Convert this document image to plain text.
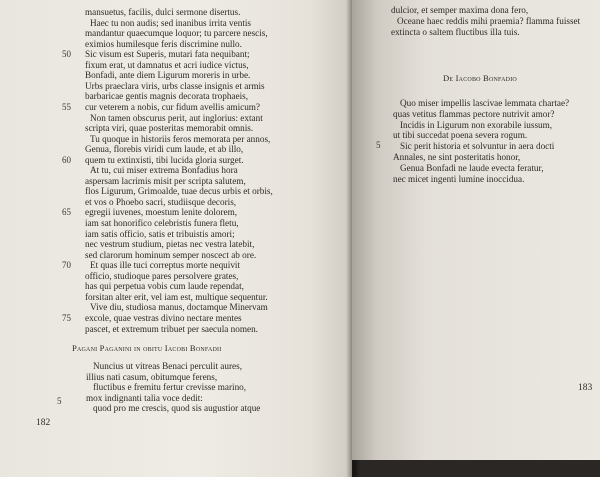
mansuetus, facilis, dulci sermone disertus.
Haec tu non audis; sed inanibus irrita ventis
mandantur quaecumque loquor; tu parcere nescis,
eximios humilesque feris discrimine nullo.
Sic visum est Superis, mutari fata nequibant;
fixum erat, ut damnatus et acri iudice victus,
Bonfadi, ante diem Ligurum moreris in urbe.
Urbs praeclara viris, urbs classe insignis et armis
barbaricae gentis magnis decorata trophaeis,
cur veterem a nobis, cur fidum avellis amicum?
Non tamen obscurus perit, aut inglorius: extant
scripta viri, quae posteritas memorabit omnis.
Tu quoque in historiis feros memorata per annos,
Genua, florebis viridi cum laude, et ab illo,
quem tu extinxisti, tibi lucida gloria surget.
At tu, cui miser extrema Bonfadius hora
aspersam lacrimis misit per scripta salutem,
flos Ligurum, Grimoalde, tuae decus urbis et orbis,
et vos o Phoebo sacri, studiisque decoris,
egregii iuvenes, moestum lenite dolorem,
iam sat honorifico celebristis funera fletu,
iam satis officio, satis et tribuistis amori;
nec vestrum studium, pietas nec vestra latebit,
sed clarorum hominum semper noscect ab ore.
Et quas ille tuci correptus morte nequivit
officio, studioque pares persolvere grates,
has qui perpetua vobis cum laude rependat,
forsitan alter erit, vel iam est, multique sequentur.
Vive diu, studiosa manus, doctamque Minervam
excole, quae vestras divino nectare mentes
pascet, et extremum tribuet per saecula nomen.
50
55
60
65
70
75
Pagani Paganini in obitu Iacobi Bonfadii
Nuncius ut vitreas Benaci perculit aures,
illius nati casum, obitumque ferens,
fluctibus e fremitu fertur crevisse marino,
mox indignanti talia voce dedit:
quod pro me crescis, quod sis augustior atque
5
182
dulcior, et semper maxima dona fero,
Oceane haec reddis mihi praemia? flamma fuisset
extincta o saltem fluctibus illa tuis.
De Iacobo Bonfadio
Quo miser impellis lascivae lemmata chartae?
quas vetitus flammas pectore nutrivit amor?
Incidis in Ligurum non exorabile iussum,
ut tibi succedat poena severa rogum.
Sic perit historia et solvuntur in aera docti
Annales, ne sint posteritatis honor,
Genua Bonfadi ne laude evecta feratur,
nec micet ingenti lumine inoccidua.
5
183
